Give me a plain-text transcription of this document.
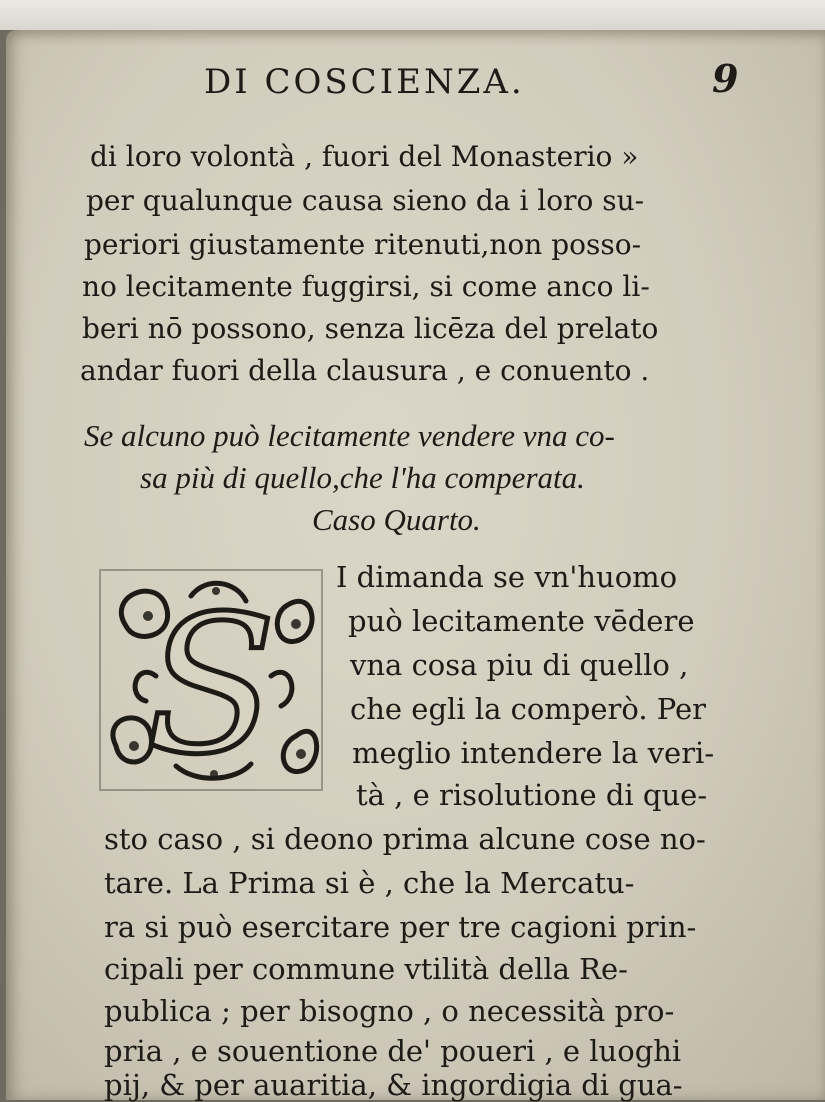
DI COSCIENZA.	9
di loro volontà , fuori del Monasterio »
per qualunque causa sieno da i loro su-
periori giustamente ritenuti,non posso-
no lecitamente fuggirsi, si come anco li-
beri nō possono, senza licēza del prelato
andar fuori della clausura , e conuento .
Se alcuno può lecitamente vendere vna co-
sa più di quello,che l'ha comperata.
Caso Quarto.
S I dimanda se vn'huomo
può lecitamente vēdere
vna cosa piu di quello ,
che egli la comperò. Per
meglio intendere la veri-
tà , e risolutione di que-
sto caso , si deono prima alcune cose no-
tare. La Prima si è , che la Mercatu-
ra si può esercitare per tre cagioni prin-
cipali per commune vtilità della Re-
publica ; per bisogno , o necessità pro-
pria , e souentione de' poueri , e luoghi
pij, & per auaritia, & ingordigia di gua-
